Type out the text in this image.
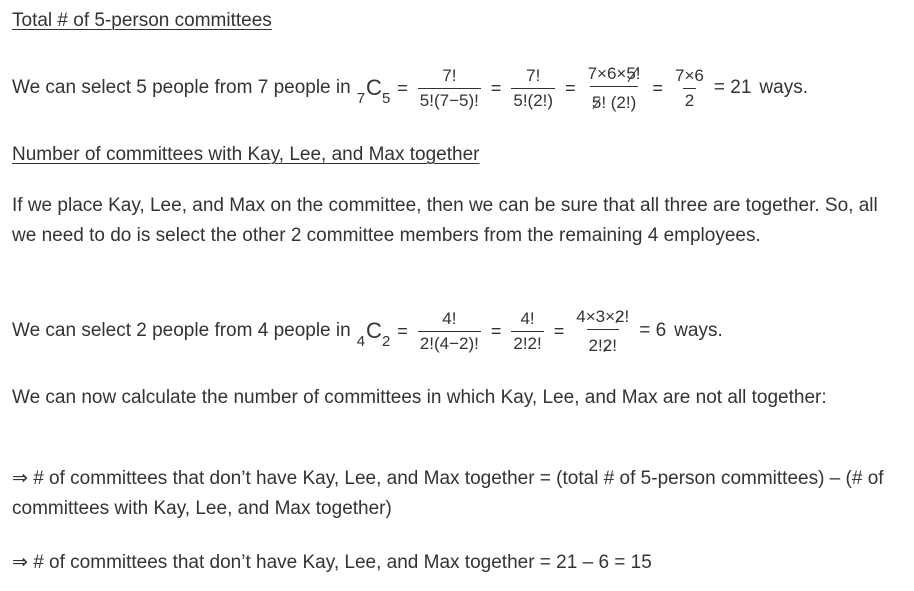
Total # of 5-person committees
We can select 5 people from 7 people in
$_7C_5$
= $\frac{7!}{5!(7-5)!} = \frac{7!}{5!(2!)} = \frac{7\times 6\times 5!}{5! (2!)} = \frac{7\times 6}{2} = 21$ ways.
Number of committees with Kay, Lee, and Max together
If we place Kay, Lee, and Max on the committee, then we can be sure that all three are together. So, all we need to do is select the other 2 committee members from the remaining 4 employees.
We can select 2 people from 4 people in
$_4C_2$
= $\frac{4!}{2!(4-2)!} = \frac{4!}{2!2!} = \frac{4\times 3\times 2!}{2!2!} = 6$ ways.
We can now calculate the number of committees in which Kay, Lee, and Max are not all together:
⇒ # of committees that don’t have Kay, Lee, and Max together = (total # of 5-person committees) – (# of committees with Kay, Lee, and Max together)
⇒ # of committees that don’t have Kay, Lee, and Max together = 21 – 6 = 15
